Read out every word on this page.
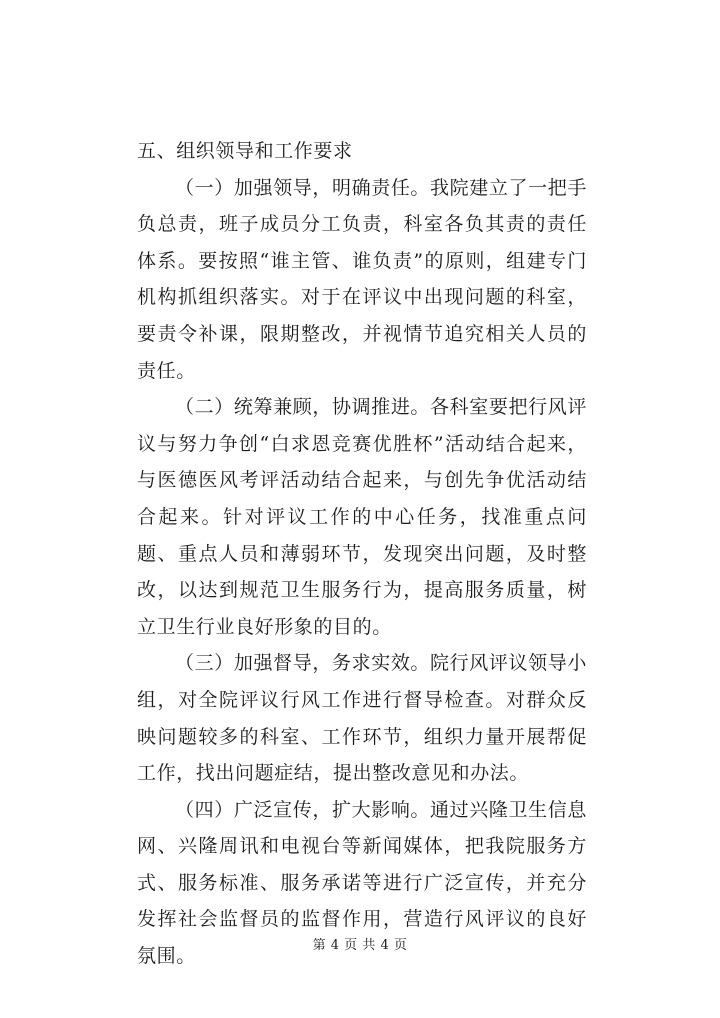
五、组织领导和工作要求

（一）加强领导，明确责任。我院建立了一把手负总责，班子成员分工负责，科室各负其责的责任体系。要按照“谁主管、谁负责”的原则，组建专门机构抓组织落实。对于在评议中出现问题的科室，要责令补课，限期整改，并视情节追究相关人员的责任。

（二）统筹兼顾，协调推进。各科室要把行风评议与努力争创“白求恩竞赛优胜杯”活动结合起来，与医德医风考评活动结合起来，与创先争优活动结合起来。针对评议工作的中心任务，找准重点问题、重点人员和薄弱环节，发现突出问题，及时整改，以达到规范卫生服务行为，提高服务质量，树立卫生行业良好形象的目的。

（三）加强督导，务求实效。院行风评议领导小组，对全院评议行风工作进行督导检查。对群众反映问题较多的科室、工作环节，组织力量开展帮促工作，找出问题症结，提出整改意见和办法。

（四）广泛宣传，扩大影响。通过兴隆卫生信息网、兴隆周讯和电视台等新闻媒体，把我院服务方式、服务标准、服务承诺等进行广泛宣传，并充分发挥社会监督员的监督作用，营造行风评议的良好氛围。	第 4 页 共 4 页
